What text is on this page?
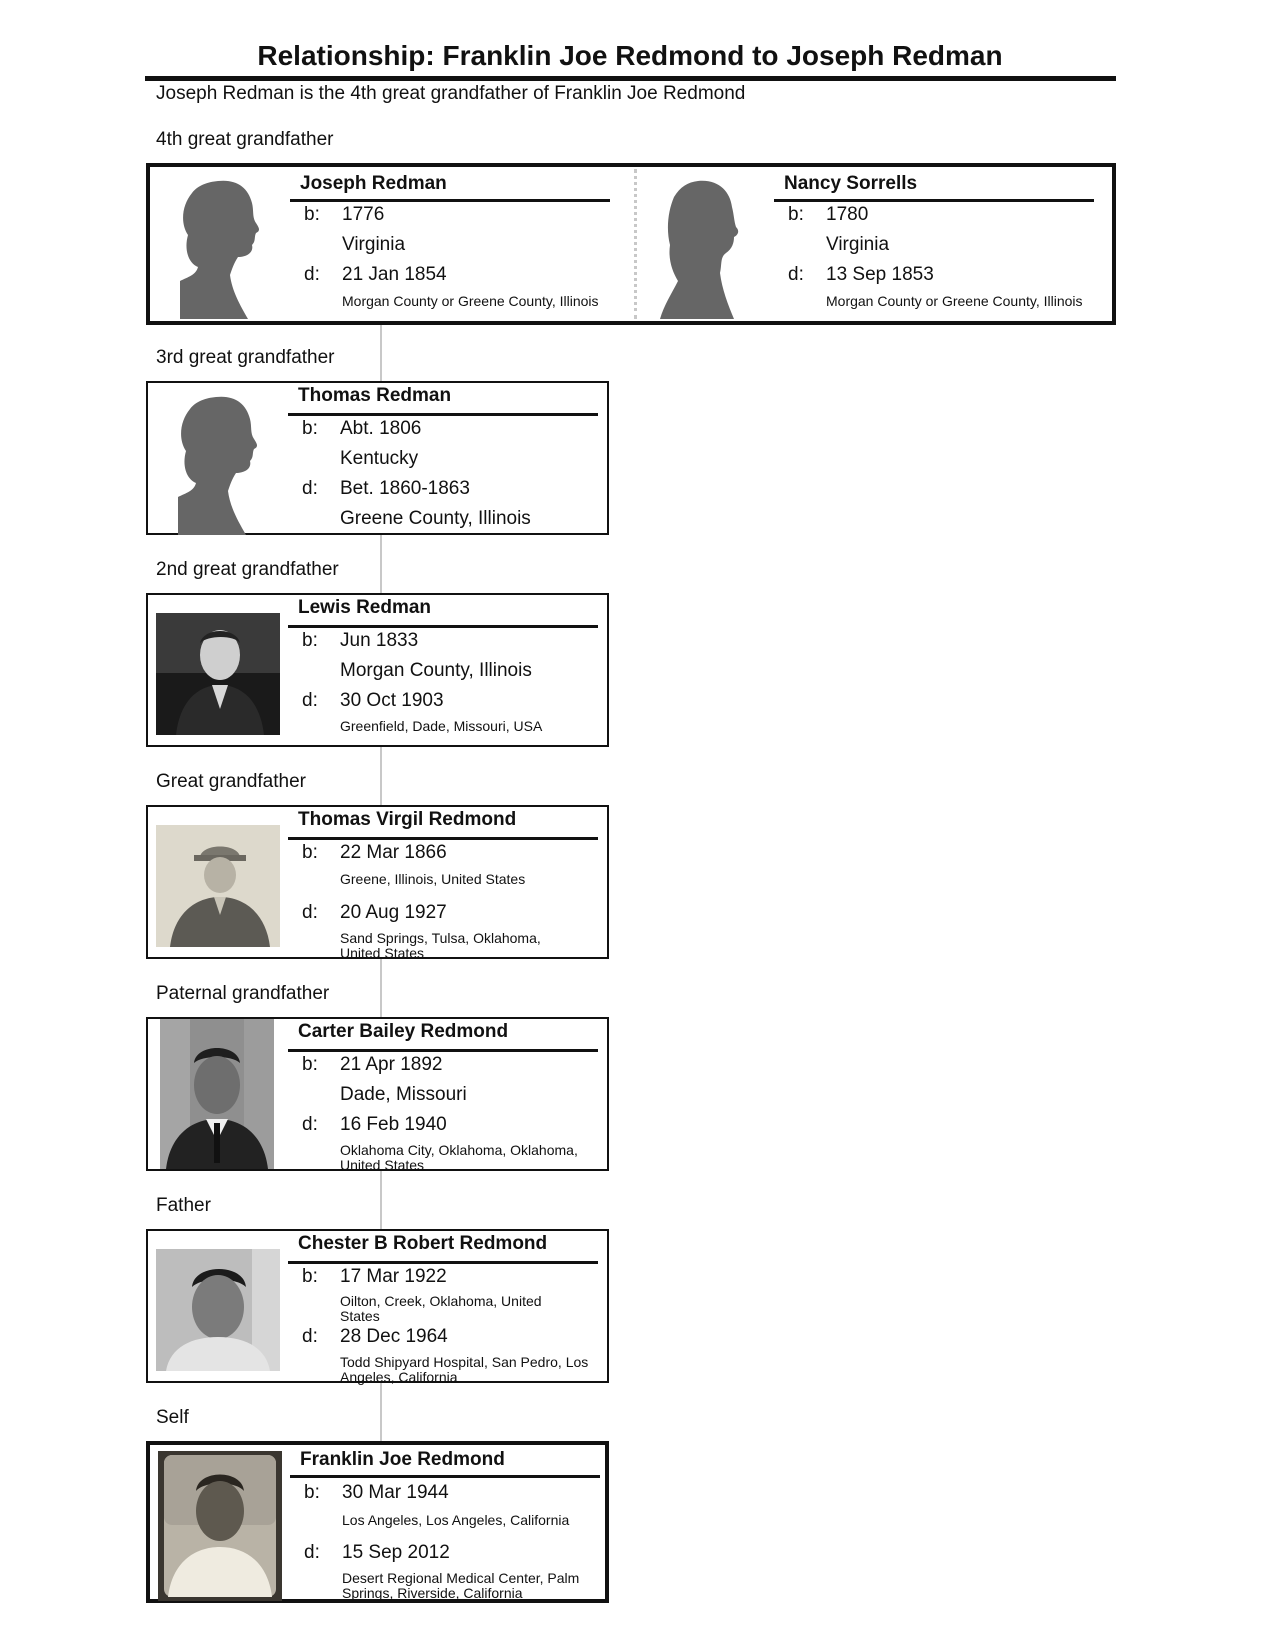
Relationship: Franklin Joe Redmond to Joseph Redman
Joseph Redman is the 4th great grandfather of Franklin Joe Redmond
4th great grandfather
Joseph Redman
b: 1776
Virginia
d: 21 Jan 1854
Morgan County or Greene County, Illinois
Nancy Sorrells
b: 1780
Virginia
d: 13 Sep 1853
Morgan County or Greene County, Illinois
3rd great grandfather
Thomas Redman
b: Abt. 1806
Kentucky
d: Bet. 1860-1863
Greene County, Illinois
2nd great grandfather
Lewis Redman
b: Jun 1833
Morgan County, Illinois
d: 30 Oct 1903
Greenfield, Dade, Missouri, USA
Great grandfather
Thomas Virgil Redmond
b: 22 Mar 1866
Greene, Illinois, United States
d: 20 Aug 1927
Sand Springs, Tulsa, Oklahoma, United States
Paternal grandfather
Carter Bailey Redmond
b: 21 Apr 1892
Dade, Missouri
d: 16 Feb 1940
Oklahoma City, Oklahoma, Oklahoma, United States
Father
Chester B Robert Redmond
b: 17 Mar 1922
Oilton, Creek, Oklahoma, United States
d: 28 Dec 1964
Todd Shipyard Hospital, San Pedro, Los Angeles, California
Self
Franklin Joe Redmond
b: 30 Mar 1944
Los Angeles, Los Angeles, California
d: 15 Sep 2012
Desert Regional Medical Center, Palm Springs, Riverside, California
